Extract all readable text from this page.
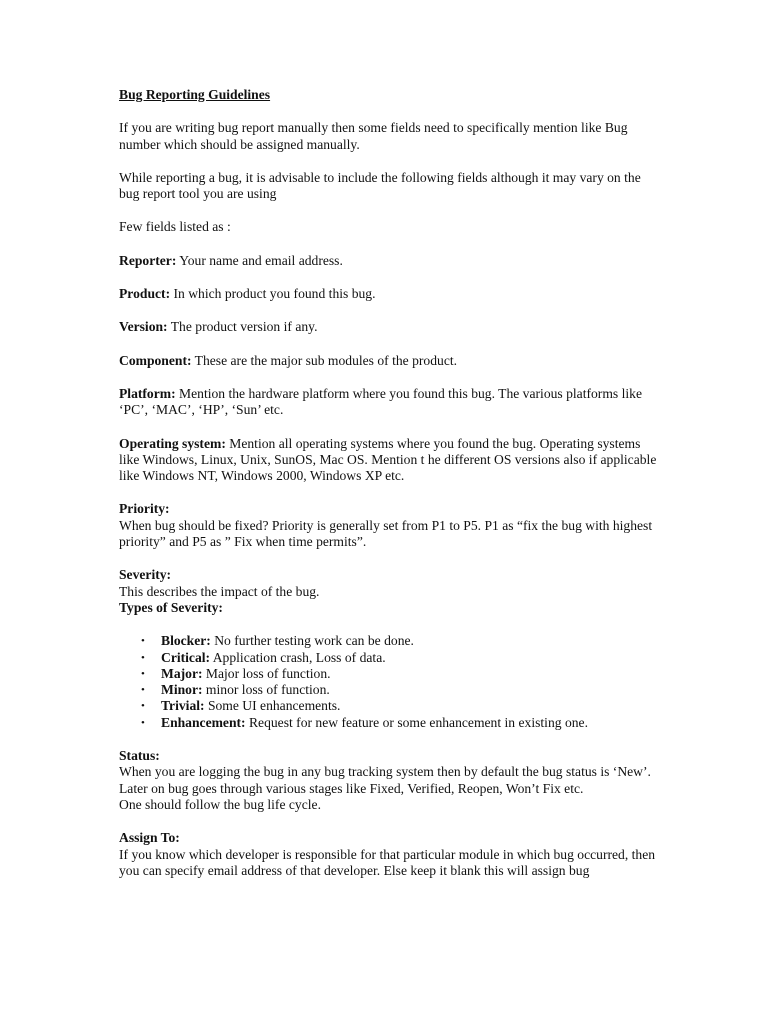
Bug Reporting Guidelines

If you are writing bug report manually then some fields need to specifically mention like Bug number which should be assigned manually.

While reporting a bug, it is advisable to include the following fields although it may vary on the bug report tool you are using

Few fields listed as :

Reporter: Your name and email address.

Product: In which product you found this bug.

Version: The product version if any.

Component: These are the major sub modules of the product.

Platform: Mention the hardware platform where you found this bug. The various platforms like ‘PC’, ‘MAC’, ‘HP’, ‘Sun’ etc.

Operating system: Mention all operating systems where you found the bug. Operating systems like Windows, Linux, Unix, SunOS, Mac OS. Mention t he different OS versions also if applicable like Windows NT, Windows 2000, Windows XP etc.

Priority:

When bug should be fixed? Priority is generally set from P1 to P5. P1 as “fix the bug with highest priority” and P5 as ” Fix when time permits”.

Severity:

This describes the impact of the bug.

Types of Severity:

• Blocker: No further testing work can be done.
• Critical: Application crash, Loss of data.
• Major: Major loss of function.
• Minor: minor loss of function.
• Trivial: Some UI enhancements.
• Enhancement: Request for new feature or some enhancement in existing one.

Status:

When you are logging the bug in any bug tracking system then by default the bug status is ‘New’.

Later on bug goes through various stages like Fixed, Verified, Reopen, Won’t Fix etc.

One should follow the bug life cycle.

Assign To:

If you know which developer is responsible for that particular module in which bug occurred, then you can specify email address of that developer. Else keep it blank this will assign bug
